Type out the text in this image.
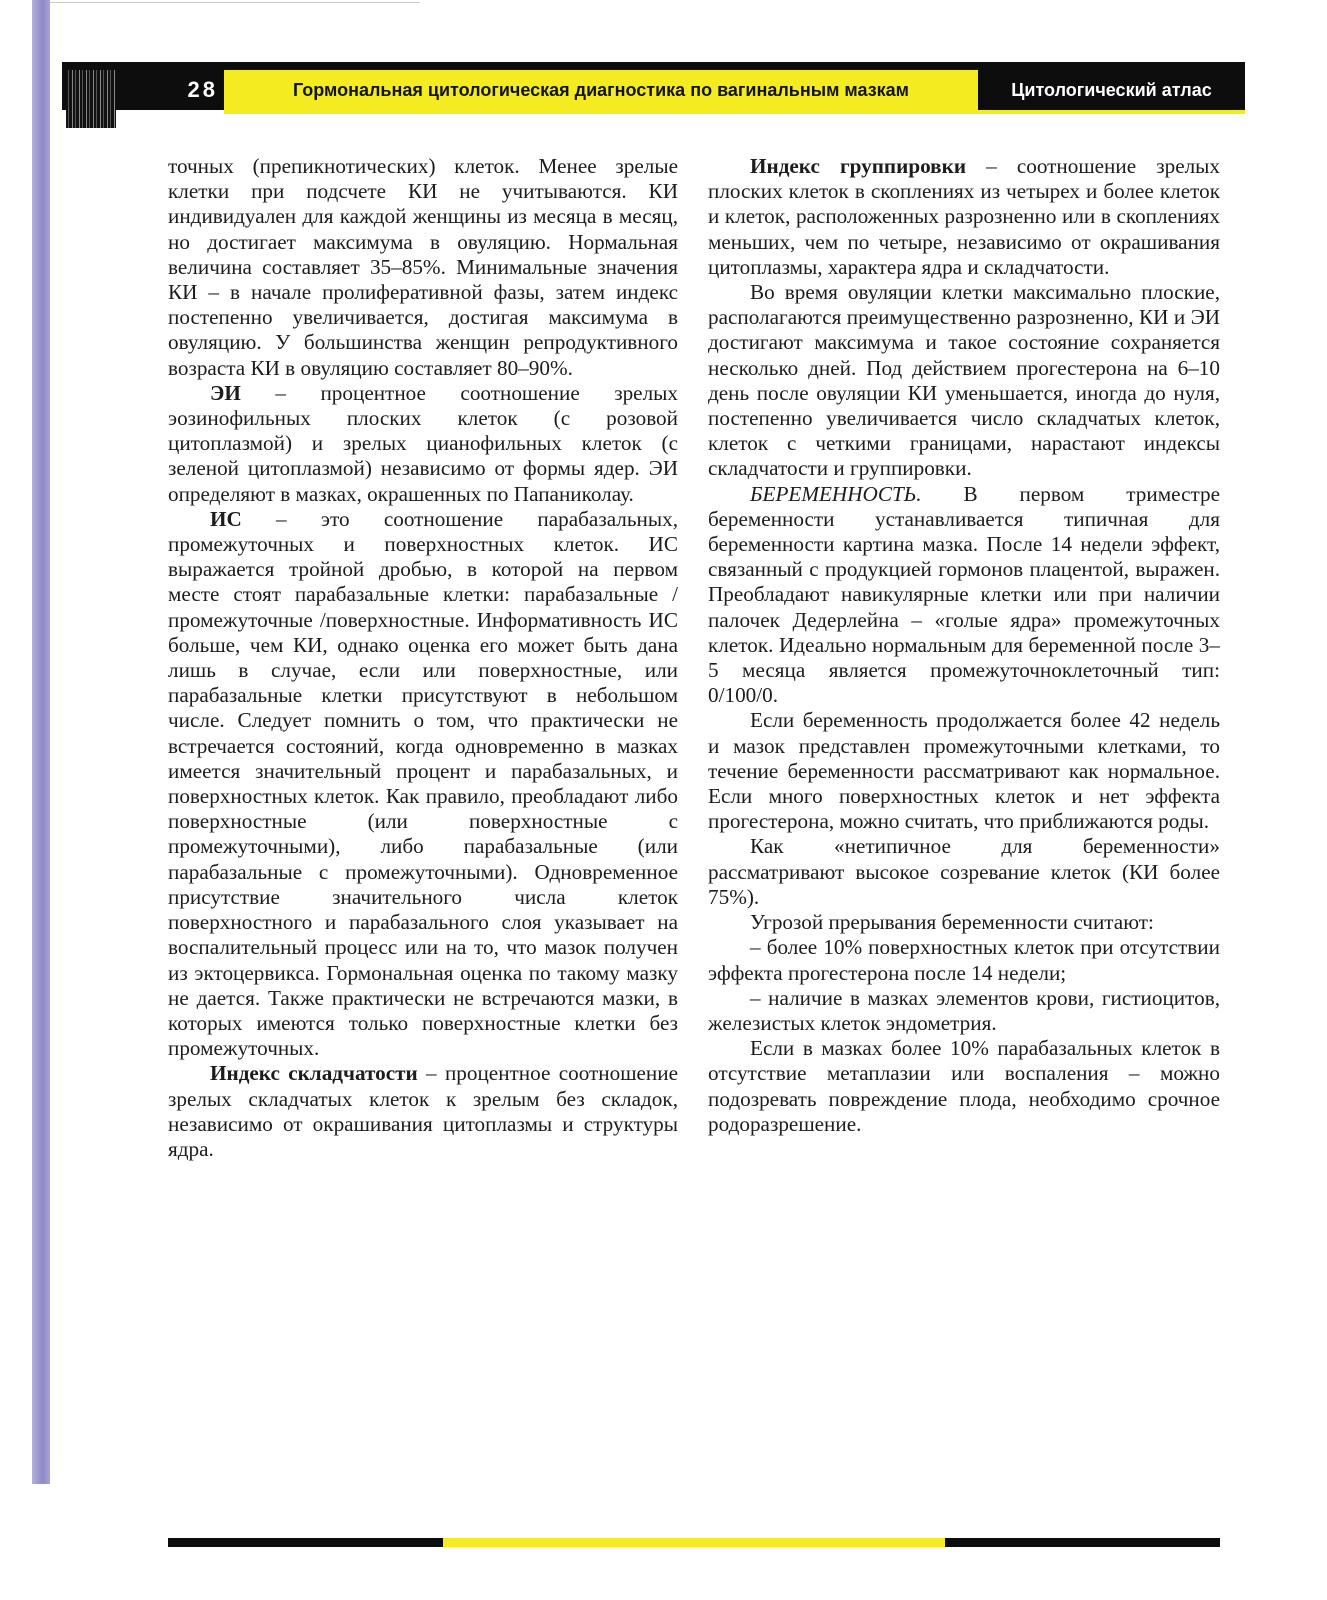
28	Гормональная цитологическая диагностика по вагинальным мазкам	Цитологический атлас

точных (препикнотических) клеток. Менее зрелые клетки при подсчете КИ не учитываются. КИ индивидуален для каждой женщины из месяца в месяц, но достигает максимума в овуляцию. Нормальная величина составляет 35–85%. Минимальные значения КИ – в начале пролиферативной фазы, затем индекс постепенно увеличивается, достигая максимума в овуляцию. У большинства женщин репродуктивного возраста КИ в овуляцию составляет 80–90%.

ЭИ – процентное соотношение зрелых эозинофильных плоских клеток (с розовой цитоплазмой) и зрелых цианофильных клеток (с зеленой цитоплазмой) независимо от формы ядер. ЭИ определяют в мазках, окрашенных по Папаниколау.

ИС – это соотношение парабазальных, промежуточных и поверхностных клеток. ИС выражается тройной дробью, в которой на первом месте стоят парабазальные клетки: парабазальные /промежуточные /поверхностные. Информативность ИС больше, чем КИ, однако оценка его может быть дана лишь в случае, если или поверхностные, или парабазальные клетки присутствуют в небольшом числе. Следует помнить о том, что практически не встречается состояний, когда одновременно в мазках имеется значительный процент и парабазальных, и поверхностных клеток. Как правило, преобладают либо поверхностные (или поверхностные с промежуточными), либо парабазальные (или парабазальные с промежуточными). Одновременное присутствие значительного числа клеток поверхностного и парабазального слоя указывает на воспалительный процесс или на то, что мазок получен из эктоцервикса. Гормональная оценка по такому мазку не дается. Также практически не встречаются мазки, в которых имеются только поверхностные клетки без промежуточных.

Индекс складчатости – процентное соотношение зрелых складчатых клеток к зрелым без складок, независимо от окрашивания цитоплазмы и структуры ядра.

Индекс группировки – соотношение зрелых плоских клеток в скоплениях из четырех и более клеток и клеток, расположенных разрозненно или в скоплениях меньших, чем по четыре, независимо от окрашивания цитоплазмы, характера ядра и складчатости.

Во время овуляции клетки максимально плоские, располагаются преимущественно разрозненно, КИ и ЭИ достигают максимума и такое состояние сохраняется несколько дней. Под действием прогестерона на 6–10 день после овуляции КИ уменьшается, иногда до нуля, постепенно увеличивается число складчатых клеток, клеток с четкими границами, нарастают индексы складчатости и группировки.

БЕРЕМЕННОСТЬ. В первом триместре беременности устанавливается типичная для беременности картина мазка. После 14 недели эффект, связанный с продукцией гормонов плацентой, выражен. Преобладают навикулярные клетки или при наличии палочек Дедерлейна – «голые ядра» промежуточных клеток. Идеально нормальным для беременной после 3–5 месяца является промежуточноклеточный тип: 0/100/0.

Если беременность продолжается более 42 недель и мазок представлен промежуточными клетками, то течение беременности рассматривают как нормальное. Если много поверхностных клеток и нет эффекта прогестерона, можно считать, что приближаются роды.

Как «нетипичное для беременности» рассматривают высокое созревание клеток (КИ более 75%).

Угрозой прерывания беременности считают:

– более 10% поверхностных клеток при отсутствии эффекта прогестерона после 14 недели;

– наличие в мазках элементов крови, гистиоцитов, железистых клеток эндометрия.

Если в мазках более 10% парабазальных клеток в отсутствие метаплазии или воспаления – можно подозревать повреждение плода, необходимо срочное родоразрешение.
